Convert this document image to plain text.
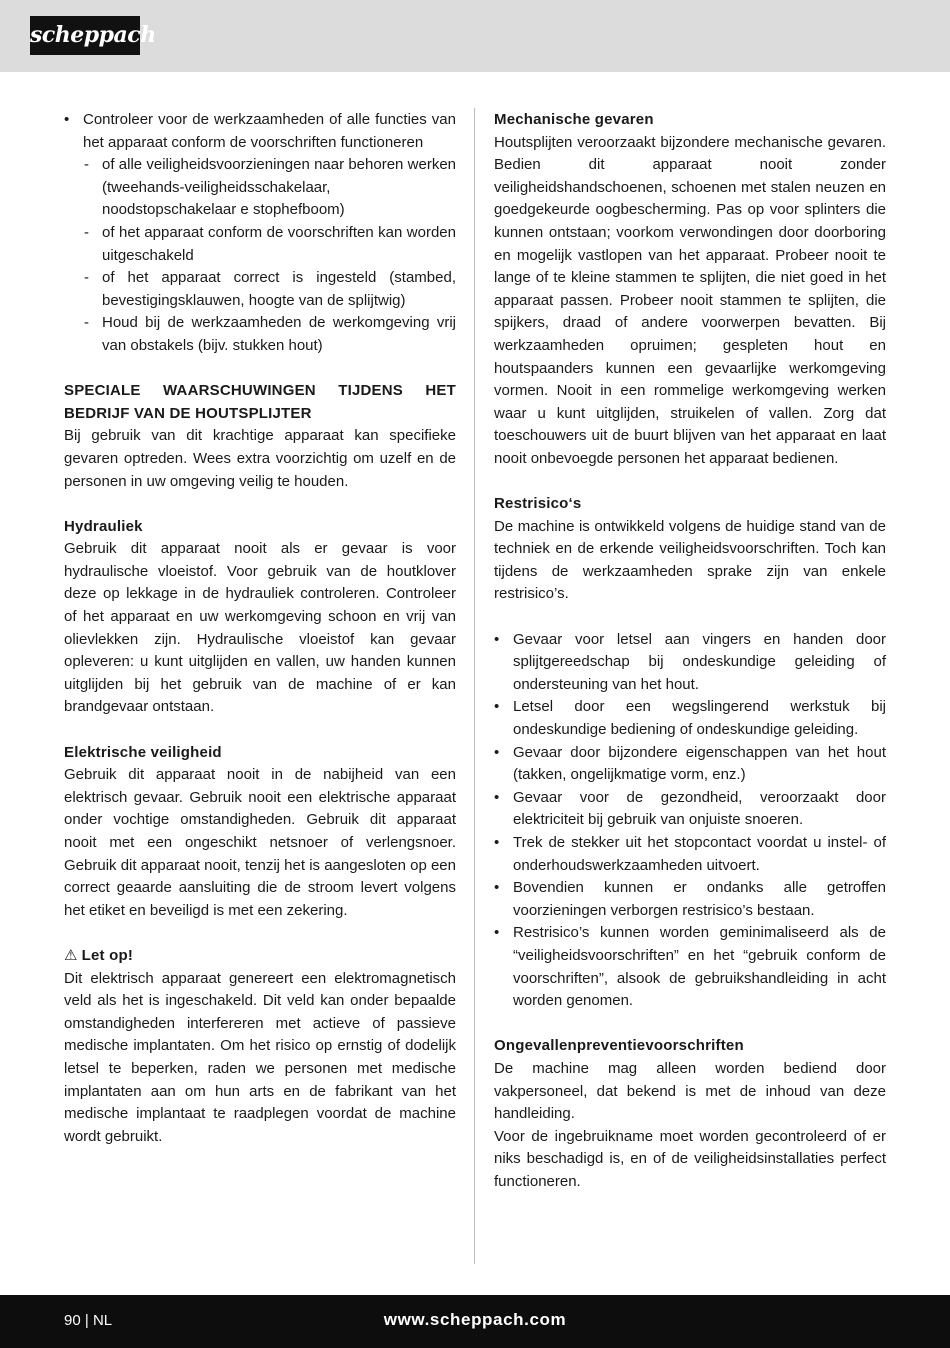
scheppach
• Controleer voor de werkzaamheden of alle functies van het apparaat conform de voorschriften functioneren
- of alle veiligheidsvoorzieningen naar behoren werken (tweehands-veiligheidsschakelaar, noodstopschakelaar e stophefboom)
- of het apparaat conform de voorschriften kan worden uitgeschakeld
- of het apparaat correct is ingesteld (stambed, bevestigingsklauwen, hoogte van de splijtwig)
- Houd bij de werkzaamheden de werkomgeving vrij van obstakels (bijv. stukken hout)

SPECIALE WAARSCHUWINGEN TIJDENS HET BEDRIJF VAN DE HOUTSPLIJTER

Bij gebruik van dit krachtige apparaat kan specifieke gevaren optreden. Wees extra voorzichtig om uzelf en de personen in uw omgeving veilig te houden.

Hydrauliek

Gebruik dit apparaat nooit als er gevaar is voor hydraulische vloeistof. Voor gebruik van de houtklover deze op lekkage in de hydrauliek controleren. Controleer of het apparaat en uw werkomgeving schoon en vrij van olievlekken zijn. Hydraulische vloeistof kan gevaar opleveren: u kunt uitglijden en vallen, uw handen kunnen uitglijden bij het gebruik van de machine of er kan brandgevaar ontstaan.

Elektrische veiligheid

Gebruik dit apparaat nooit in de nabijheid van een elektrisch gevaar. Gebruik nooit een elektrische apparaat onder vochtige omstandigheden. Gebruik dit apparaat nooit met een ongeschikt netsnoer of verlengsnoer. Gebruik dit apparaat nooit, tenzij het is aangesloten op een correct geaarde aansluiting die de stroom levert volgens het etiket en beveiligd is met een zekering.

⚠ Let op!

Dit elektrisch apparaat genereert een elektromagnetisch veld als het is ingeschakeld. Dit veld kan onder bepaalde omstandigheden interfereren met actieve of passieve medische implantaten. Om het risico op ernstig of dodelijk letsel te beperken, raden we personen met medische implantaten aan om hun arts en de fabrikant van het medische implantaat te raadplegen voordat de machine wordt gebruikt.

Mechanische gevaren

Houtsplijten veroorzaakt bijzondere mechanische gevaren. Bedien dit apparaat nooit zonder veiligheidshandschoenen, schoenen met stalen neuzen en goedgekeurde oogbescherming. Pas op voor splinters die kunnen ontstaan; voorkom verwondingen door doorboring en mogelijk vastlopen van het apparaat. Probeer nooit te lange of te kleine stammen te splijten, die niet goed in het apparaat passen. Probeer nooit stammen te splijten, die spijkers, draad of andere voorwerpen bevatten. Bij werkzaamheden opruimen; gespleten hout en houtspaanders kunnen een gevaarlijke werkomgeving vormen. Nooit in een rommelige werkomgeving werken waar u kunt uitglijden, struikelen of vallen. Zorg dat toeschouwers uit de buurt blijven van het apparaat en laat nooit onbevoegde personen het apparaat bedienen.

Restrisico‘s

De machine is ontwikkeld volgens de huidige stand van de techniek en de erkende veiligheidsvoorschriften. Toch kan tijdens de werkzaamheden sprake zijn van enkele restrisico’s.

• Gevaar voor letsel aan vingers en handen door splijtgereedschap bij ondeskundige geleiding of ondersteuning van het hout.
• Letsel door een wegslingerend werkstuk bij ondeskundige bediening of ondeskundige geleiding.
• Gevaar door bijzondere eigenschappen van het hout (takken, ongelijkmatige vorm, enz.)
• Gevaar voor de gezondheid, veroorzaakt door elektriciteit bij gebruik van onjuiste snoeren.
• Trek de stekker uit het stopcontact voordat u instel- of onderhoudswerkzaamheden uitvoert.
• Bovendien kunnen er ondanks alle getroffen voorzieningen verborgen restrisico’s bestaan.
• Restrisico’s kunnen worden geminimaliseerd als de “veiligheidsvoorschriften” en het “gebruik conform de voorschriften”, alsook de gebruikshandleiding in acht worden genomen.

Ongevallenpreventievoorschriften

De machine mag alleen worden bediend door vakpersoneel, dat bekend is met de inhoud van deze handleiding.

Voor de ingebruikname moet worden gecontroleerd of er niks beschadigd is, en of de veiligheidsinstallaties perfect functioneren.

90 | NL	www.scheppach.com
